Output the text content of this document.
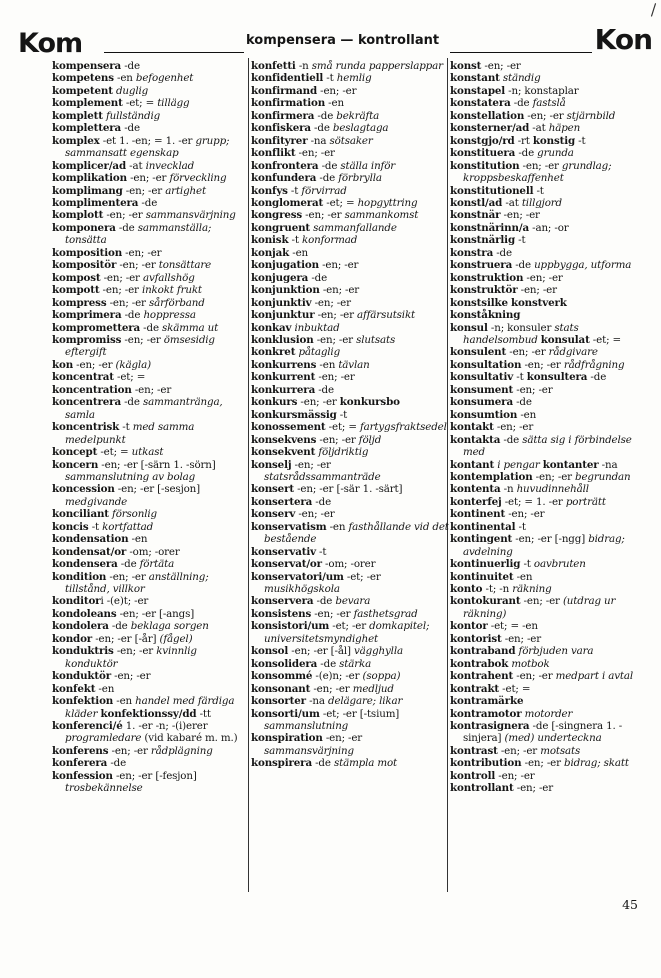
Kom	kompensera — kontrollant	Kon
\
kompensera -de
kompetens -en befogenhet
kompetent duglig
komplement -et; = tillägg
komplett fullständig
komplettera -de
komplex -et 1. -en; = 1. -er grupp; sammansatt egenskap
komplicer/ad -at invecklad
komplikation -en; -er förveckling
komplimang -en; -er artighet
komplimentera -de
komplott -en; -er sammansvärjning
komponera -de sammanställa; tonsätta
komposition -en; -er
kompositör -en; -er tonsättare
kompost -en; -er avfallshög
kompott -en; -er inkokt frukt
kompress -en; -er sårförband
komprimera -de hoppressa
kompromettera -de skämma ut
kompromiss -en; -er ömsesidig eftergift
kon -en; -er (kägla)
koncentrat -et; =
koncentration -en; -er
koncentrera -de sammantränga, samla
koncentrisk -t med samma medelpunkt
koncept -et; = utkast
koncern -en; -er [-särn 1. -sörn] sammanslutning av bolag
koncession -en; -er [-sesjon] medgivande
konciliant försonlig
koncis -t kortfattad
kondensation -en
kondensat/or -om; -orer
kondensera -de förtäta
kondition -en; -er anställning; tillstånd, villkor
konditori -(e)t; -er
kondoleans -en; -er [-angs]
kondolera -de beklaga sorgen
kondor -en; -er [-år] (fågel)
konduktris -en; -er kvinnlig konduktör
konduktör -en; -er
konfekt -en
konfektion -en handel med färdiga kläder konfektionssy/dd -tt
konferenci/é 1. -er -n; -(i)erer programledare (vid kabaré m. m.)
konferens -en; -er rådplägning
konferera -de
konfession -en; -er [-fesjon] trosbekännelse
konfetti -n små runda papperslappar
konfidentiell -t hemlig
konfirmand -en; -er
konfirmation -en
konfirmera -de bekräfta
konfiskera -de beslagtaga
konfityrer -na sötsaker
konflikt -en; -er
konfrontera -de ställa inför
konfundera -de förbrylla
konfys -t förvirrad
konglomerat -et; = hopgyttring
kongress -en; -er sammankomst
kongruent sammanfallande
konisk -t konformad
konjak -en
konjugation -en; -er
konjugera -de
konjunktion -en; -er
konjunktiv -en; -er
konjunktur -en; -er affärsutsikt
konkav inbuktad
konklusion -en; -er slutsats
konkret påtaglig
konkurrens -en tävlan
konkurrent -en; -er
konkurrera -de
konkurs -en; -er konkursbo
konkursmässig -t
konossement -et; = fartygsfraktsedel
konsekvens -en; -er följd
konsekvent följdriktig
konselj -en; -er statsrådssammanträde
konsert -en; -er [-sär 1. -särt]
konsertera -de
konserv -en; -er
konservatism -en fasthållande vid det bestående
konservativ -t
konservat/or -om; -orer
konservatori/um -et; -er musikhögskola
konservera -de bevara
konsistens -en; -er fasthetsgrad
konsistori/um -et; -er domkapitel; universitetsmyndighet
konsol -en; -er [-ål] vägghylla
konsolidera -de stärka
konsommé -(e)n; -er (soppa)
konsonant -en; -er medljud
konsorter -na delägare; likar
konsorti/um -et; -er [-tsium] sammanslutning
konspiration -en; -er sammansvärjning
konspirera -de stämpla mot
konst -en; -er
konstant ständig
konstapel -n; konstaplar
konstatera -de fastslå
konstellation -en; -er stjärnbild
konsterner/ad -at häpen
konstgjo/rd -rt konstig -t
konstituera -de grunda
konstitution -en; -er grundlag; kroppsbeskaffenhet
konstitutionell -t
konstl/ad -at tillgjord
konstnär -en; -er
konstnärinn/a -an; -or
konstnärlig -t
konstra -de
konstruera -de uppbygga, utforma
konstruktion -en; -er
konstruktör -en; -er
konstsilke konstverk
konståkning
konsul -n; konsuler stats handelsombud konsulat -et; =
konsulent -en; -er rådgivare
konsultation -en; -er rådfrågning
konsultativ -t konsultera -de
konsument -en; -er
konsumera -de
konsumtion -en
kontakt -en; -er
kontakta -de sätta sig i förbindelse med
kontant i pengar kontanter -na
kontemplation -en; -er begrundan
kontenta -n huvudinnehåll
konterfej -et; = 1. -er porträtt
kontinent -en; -er
kontinental -t
kontingent -en; -er [-ngg] bidrag; avdelning
kontinuerlig -t oavbruten
kontinuitet -en
konto -t; -n räkning
kontokurant -en; -er (utdrag ur räkning)
kontor -et; = -en
kontorist -en; -er
kontraband förbjuden vara
kontrabok motbok
kontrahent -en; -er medpart i avtal
kontrakt -et; =
kontramärke
kontramotor motorder
kontrasignera -de [-singnera 1. -sinjera] (med) underteckna
kontrast -en; -er motsats
kontribution -en; -er bidrag; skatt
kontroll -en; -er
kontrollant -en; -er
45
